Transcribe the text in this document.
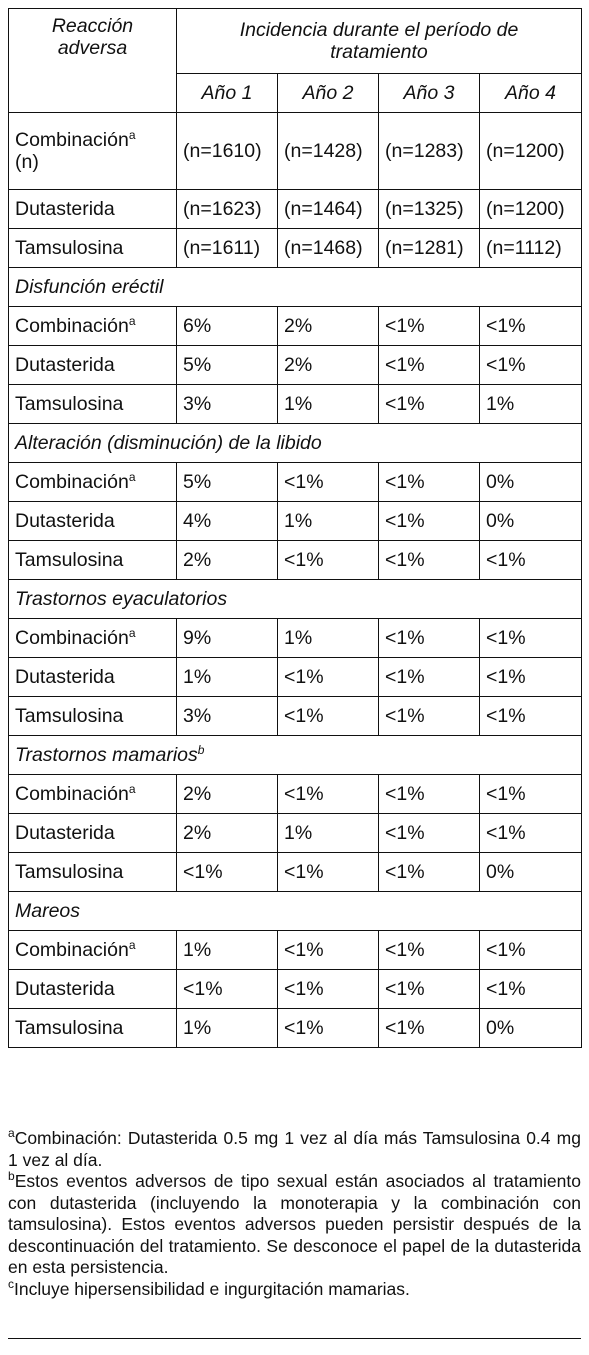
Reacción
adversa	Incidencia durante el período de
tratamiento			

	Año 1	Año 2	Año 3	Año 4
Combinación$^a$
(n)	(n=1610)	(n=1428)	(n=1283)	(n=1200)
Dutasterida	(n=1623)	(n=1464)	(n=1325)	(n=1200)
Tamsulosina	(n=1611)	(n=1468)	(n=1281)	(n=1112)
Disfunción eréctil				
Combinación$^a$	6%	2%	<1%	<1%
Dutasterida	5%	2%	<1%	<1%
Tamsulosina	3%	1%	<1%	1%
Alteración (disminución) de la libido				
Combinación$^a$	5%	<1%	<1%	0%
Dutasterida	4%	1%	<1%	0%
Tamsulosina	2%	<1%	<1%	<1%
Trastornos eyaculatorios				
Combinación$^a$	9%	1%	<1%	<1%
Dutasterida	1%	<1%	<1%	<1%
Tamsulosina	3%	<1%	<1%	<1%
Trastornos mamarios$^b$
Combinación$^a$	2%	<1%	<1%	<1%
Dutasterida	2%	1%	<1%	<1%
Tamsulosina	<1%	<1%	<1%	0%
Mareos				
Combinación$^a$	1%	<1%	<1%	<1%
Dutasterida	<1%	<1%	<1%	<1%
Tamsulosina	1%	<1%	<1%	0%

$^a$Combinación: Dutasterida 0.5 mg 1 vez al día más Tamsulosina 0.4 mg 1 vez al día.

$^b$Estos eventos adversos de tipo sexual están asociados al tratamiento con dutasterida (incluyendo la monoterapia y la combinación con tamsulosina). Estos eventos adversos pueden persistir después de la descontinuación del tratamiento. Se desconoce el papel de la dutasterida en esta persistencia.

$^c$Incluye hipersensibilidad e ingurgitación mamarias.
